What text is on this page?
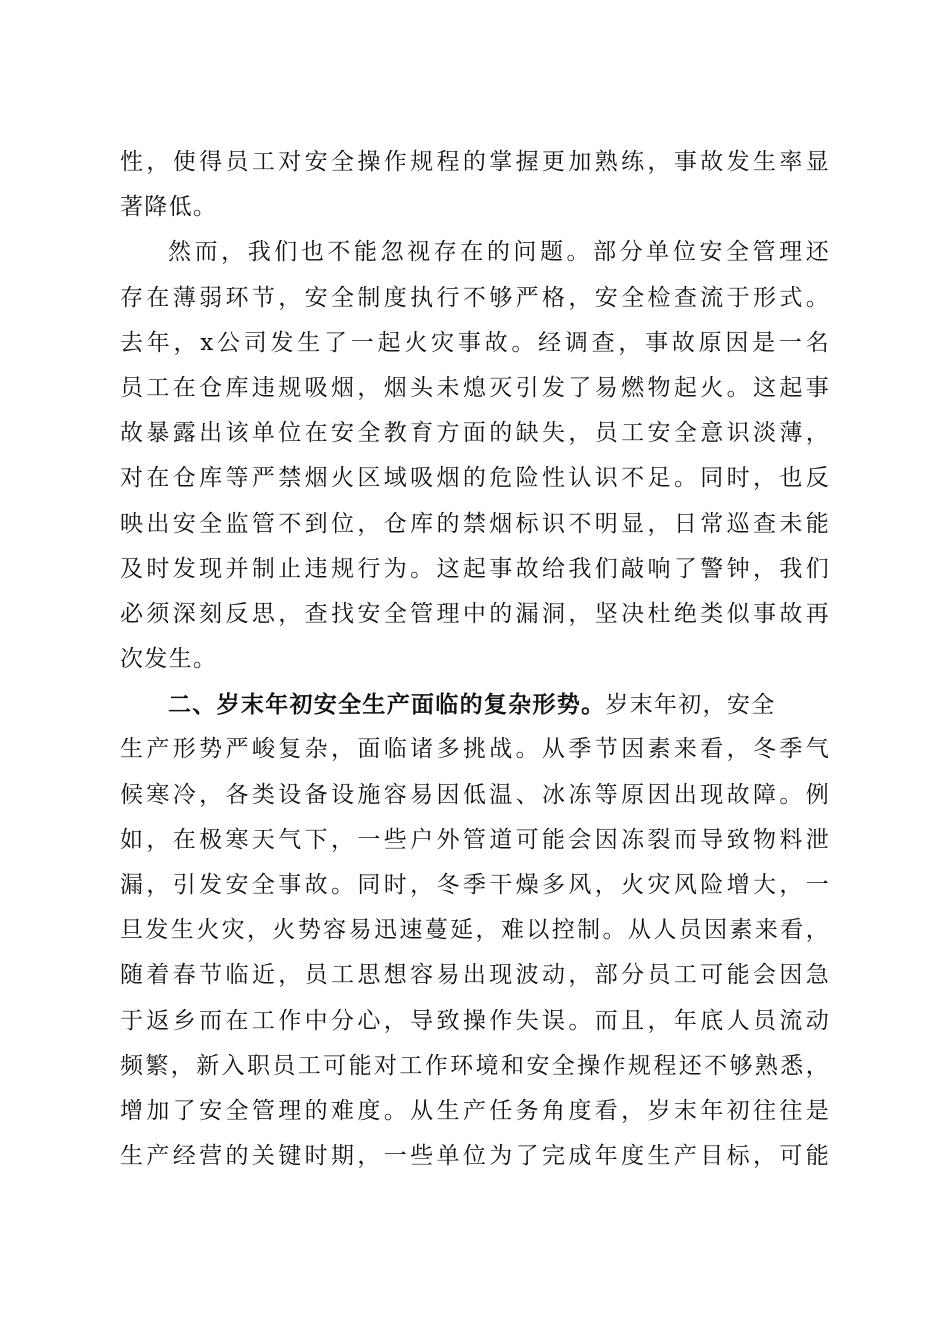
性，使得员工对安全操作规程的掌握更加熟练，事故发生率显
著降低。
然而，我们也不能忽视存在的问题。部分单位安全管理还
存在薄弱环节，安全制度执行不够严格，安全检查流于形式。
去年，x公司发生了一起火灾事故。经调查，事故原因是一名
员工在仓库违规吸烟，烟头未熄灭引发了易燃物起火。这起事
故暴露出该单位在安全教育方面的缺失，员工安全意识淡薄，
对在仓库等严禁烟火区域吸烟的危险性认识不足。同时，也反
映出安全监管不到位，仓库的禁烟标识不明显，日常巡查未能
及时发现并制止违规行为。这起事故给我们敲响了警钟，我们
必须深刻反思，查找安全管理中的漏洞，坚决杜绝类似事故再
次发生。
二、岁末年初安全生产面临的复杂形势。岁末年初，安全
生产形势严峻复杂，面临诸多挑战。从季节因素来看，冬季气
候寒冷，各类设备设施容易因低温、冰冻等原因出现故障。例
如，在极寒天气下，一些户外管道可能会因冻裂而导致物料泄
漏，引发安全事故。同时，冬季干燥多风，火灾风险增大，一
旦发生火灾，火势容易迅速蔓延，难以控制。从人员因素来看，
随着春节临近，员工思想容易出现波动，部分员工可能会因急
于返乡而在工作中分心，导致操作失误。而且，年底人员流动
频繁，新入职员工可能对工作环境和安全操作规程还不够熟悉，
增加了安全管理的难度。从生产任务角度看，岁末年初往往是
生产经营的关键时期，一些单位为了完成年度生产目标，可能
